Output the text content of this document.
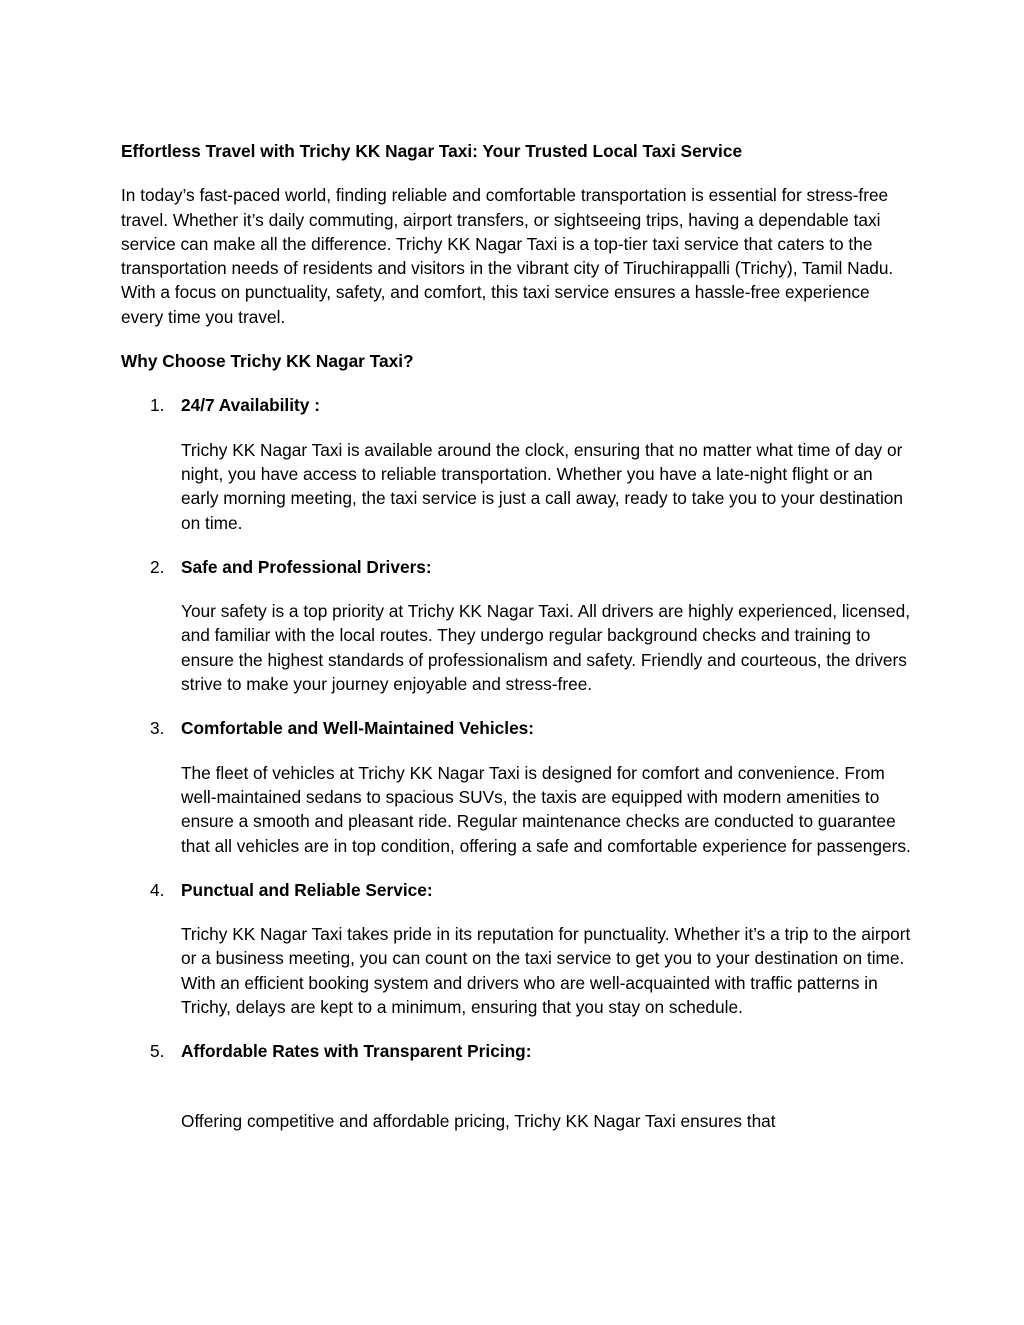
Effortless Travel with Trichy KK Nagar Taxi: Your Trusted Local Taxi Service
In today’s fast-paced world, finding reliable and comfortable transportation is essential for stress-free travel. Whether it’s daily commuting, airport transfers, or sightseeing trips, having a dependable taxi service can make all the difference. Trichy KK Nagar Taxi is a top-tier taxi service that caters to the transportation needs of residents and visitors in the vibrant city of Tiruchirappalli (Trichy), Tamil Nadu. With a focus on punctuality, safety, and comfort, this taxi service ensures a hassle-free experience every time you travel.
Why Choose Trichy KK Nagar Taxi?
1. 24/7 Availability :
Trichy KK Nagar Taxi is available around the clock, ensuring that no matter what time of day or night, you have access to reliable transportation. Whether you have a late-night flight or an early morning meeting, the taxi service is just a call away, ready to take you to your destination on time.
2. Safe and Professional Drivers:
Your safety is a top priority at Trichy KK Nagar Taxi. All drivers are highly experienced, licensed, and familiar with the local routes. They undergo regular background checks and training to ensure the highest standards of professionalism and safety. Friendly and courteous, the drivers strive to make your journey enjoyable and stress-free.
3. Comfortable and Well-Maintained Vehicles:
The fleet of vehicles at Trichy KK Nagar Taxi is designed for comfort and convenience. From well-maintained sedans to spacious SUVs, the taxis are equipped with modern amenities to ensure a smooth and pleasant ride. Regular maintenance checks are conducted to guarantee that all vehicles are in top condition, offering a safe and comfortable experience for passengers.
4. Punctual and Reliable Service:
Trichy KK Nagar Taxi takes pride in its reputation for punctuality. Whether it’s a trip to the airport or a business meeting, you can count on the taxi service to get you to your destination on time. With an efficient booking system and drivers who are well-acquainted with traffic patterns in Trichy, delays are kept to a minimum, ensuring that you stay on schedule.
5. Affordable Rates with Transparent Pricing:
Offering competitive and affordable pricing, Trichy KK Nagar Taxi ensures that
